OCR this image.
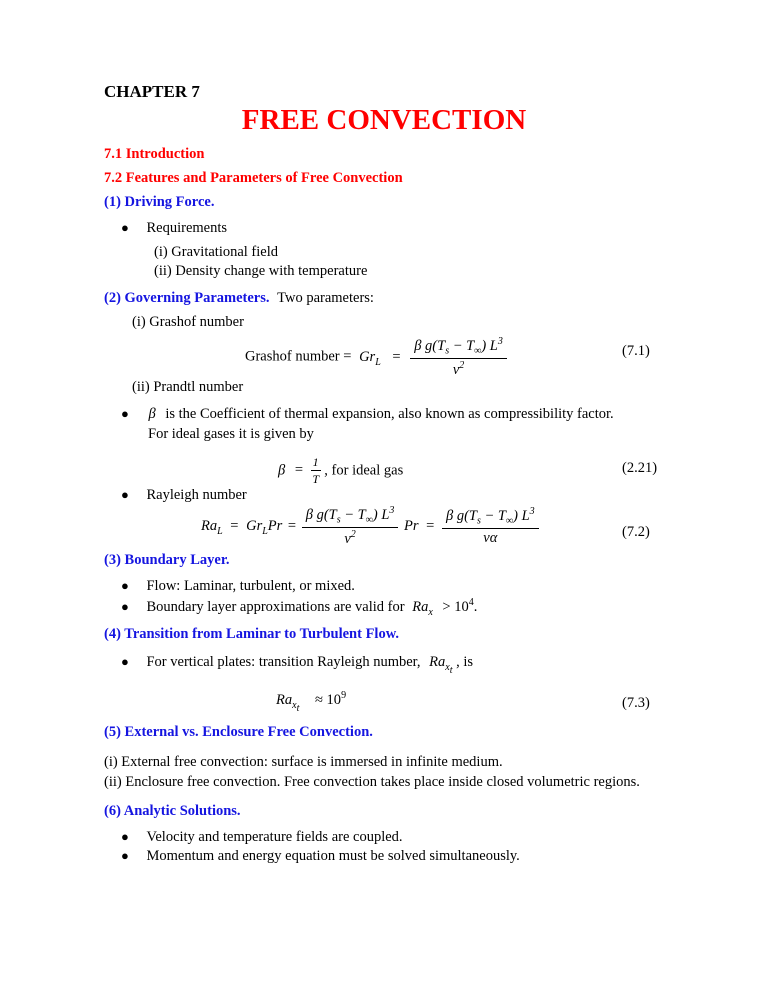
CHAPTER 7
FREE CONVECTION
7.1 Introduction
7.2 Features and Parameters of Free Convection
(1) Driving Force.
● Requirements
(i) Gravitational field
(ii) Density change with temperature
(2) Governing Parameters. Two parameters:
(i) Grashof number
Grashof number = $Gr_L = \frac{\beta g(T_s - T_\infty) L^3}{\nu^2}$	(7.1)
(ii) Prandtl number
● β is the Coefficient of thermal expansion, also known as compressibility factor.
For ideal gases it is given by
$\beta = \frac{1}{T}$ , for ideal gas	(2.21)
● Rayleigh number
$Ra_L = Gr_LPr = \frac{\beta g(T_s - T_\infty) L^3}{\nu^2}$ $Pr = \frac{\beta g(T_s - T_\infty) L^3}{\nu\alpha}$	(7.2)
(3) Boundary Layer.
● Flow: Laminar, turbulent, or mixed.
● Boundary layer approximations are valid for $Ra_x > 10^4$.
(4) Transition from Laminar to Turbulent Flow.
● For vertical plates: transition Rayleigh number, $Ra_{x_t}$ , is
$Ra_{x_t} \approx 10^9$	(7.3)
(5) External vs. Enclosure Free Convection.
(i) External free convection: surface is immersed in infinite medium.
(ii) Enclosure free convection. Free convection takes place inside closed volumetric regions.
(6) Analytic Solutions.
● Velocity and temperature fields are coupled.
● Momentum and energy equation must be solved simultaneously.
